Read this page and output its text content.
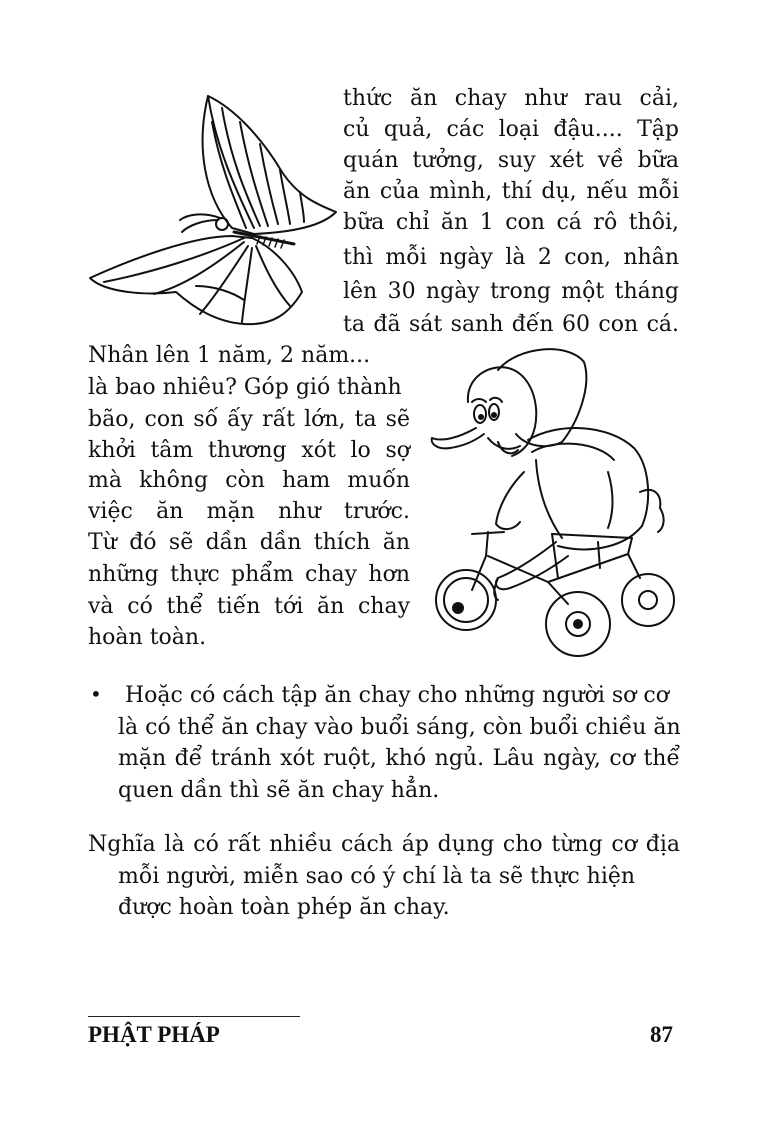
thức ăn chay như rau cải,
củ quả, các loại đậu.... Tập
quán tưởng, suy xét về bữa
ăn của mình, thí dụ, nếu mỗi
bữa chỉ ăn 1 con cá rô thôi,
thì mỗi ngày là 2 con, nhân
lên 30 ngày trong một tháng
ta đã sát sanh đến 60 con cá.
Nhân lên 1 năm, 2 năm...
là bao nhiêu? Góp gió thành
bão, con số ấy rất lớn, ta sẽ
khởi tâm thương xót lo sợ
mà không còn ham muốn
việc ăn mặn như trước.
Từ đó sẽ dần dần thích ăn
những thực phẩm chay hơn
và có thể tiến tới ăn chay
hoàn toàn.
• Hoặc có cách tập ăn chay cho những người sơ cơ
là có thể ăn chay vào buổi sáng, còn buổi chiều ăn
mặn để tránh xót ruột, khó ngủ. Lâu ngày, cơ thể
quen dần thì sẽ ăn chay hẳn.
Nghĩa là có rất nhiều cách áp dụng cho từng cơ địa
mỗi người, miễn sao có ý chí là ta sẽ thực hiện
được hoàn toàn phép ăn chay.
PHẬT PHÁP	87
